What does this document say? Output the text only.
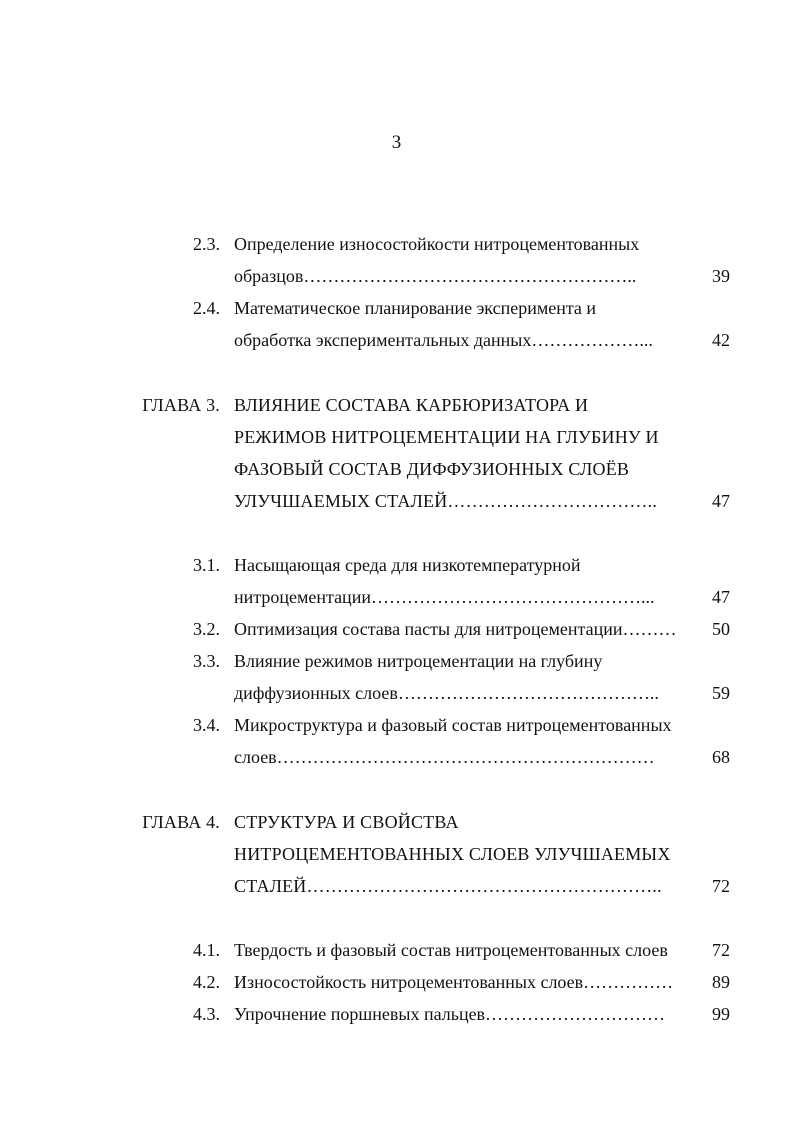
3
2.3. Определение износостойкости нитроцементованных
образцов………………………………………………..	39
2.4. Математическое планирование эксперимента и
обработка экспериментальных данных………………...	42
ГЛАВА 3. ВЛИЯНИЕ СОСТАВА КАРБЮРИЗАТОРА И
РЕЖИМОВ НИТРОЦЕМЕНТАЦИИ НА ГЛУБИНУ И
ФАЗОВЫЙ СОСТАВ ДИФФУЗИОННЫХ СЛОЁВ
УЛУЧШАЕМЫХ СТАЛЕЙ……………………………..	47
3.1. Насыщающая среда для низкотемпературной
нитроцементации………………………………………...	47
3.2. Оптимизация состава пасты для нитроцементации………	50
3.3. Влияние режимов нитроцементации на глубину
диффузионных слоев……………………………………..	59
3.4. Микроструктура и фазовый состав нитроцементованных
слоев………………………………………………………	68
ГЛАВА 4. СТРУКТУРА И СВОЙСТВА
НИТРОЦЕМЕНТОВАННЫХ СЛОЕВ УЛУЧШАЕМЫХ
СТАЛЕЙ…………………………………………………..	72
4.1. Твердость и фазовый состав нитроцементованных слоев	72
4.2. Износостойкость нитроцементованных слоев……………	89
4.3. Упрочнение поршневых пальцев…………………………	99
